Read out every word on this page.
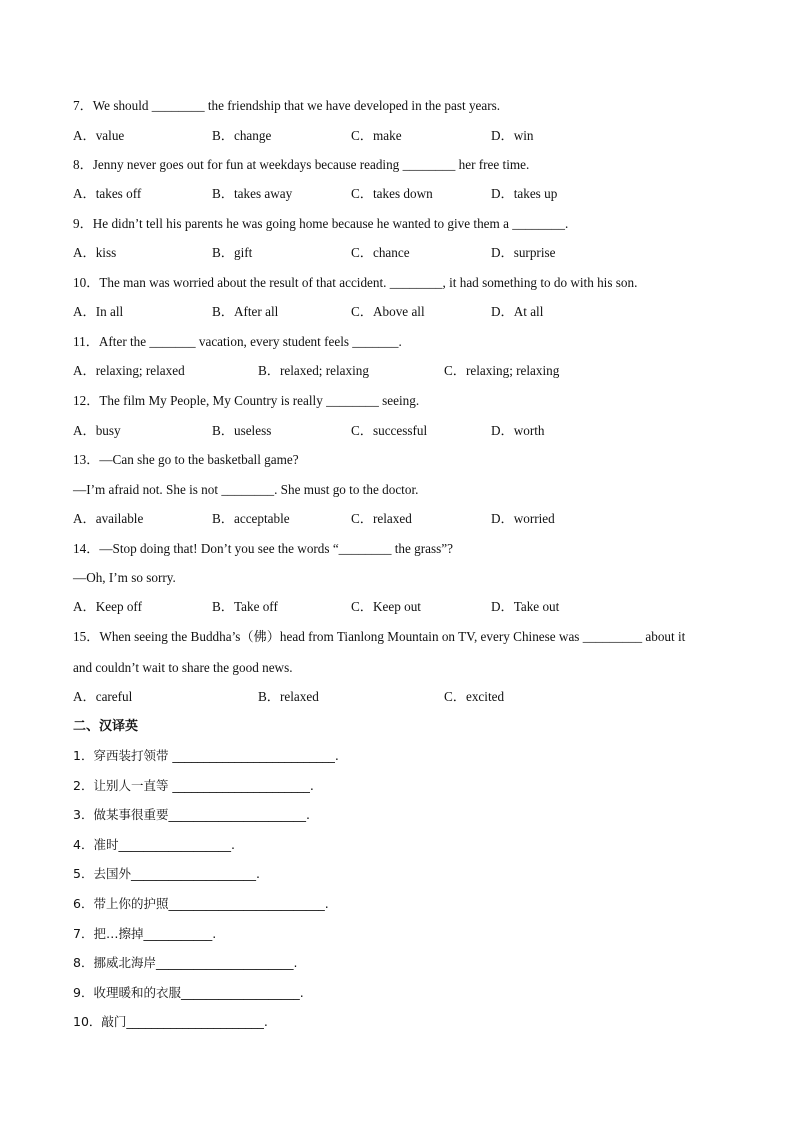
7．We should ________ the friendship that we have developed in the past years.
A．value	B．change	C．make	D．win
8．Jenny never goes out for fun at weekdays because reading ________ her free time.
A．takes off	B．takes away	C．takes down	D．takes up
9．He didn’t tell his parents he was going home because he wanted to give them a ________.
A．kiss	B．gift	C．chance	D．surprise
10．The man was worried about the result of that accident. ________, it had something to do with his son.
A．In all	B．After all	C．Above all	D．At all
11．After the _______ vacation, every student feels _______.
A．relaxing; relaxed	B．relaxed; relaxing	C．relaxing; relaxing
12．The film My People, My Country is really ________ seeing.
A．busy	B．useless	C．successful	D．worth
13．—Can she go to the basketball game?
—I’m afraid not. She is not ________. She must go to the doctor.
A．available	B．acceptable	C．relaxed	D．worried
14．—Stop doing that! Don’t you see the words “________ the grass”?
—Oh, I’m so sorry.
A．Keep off	B．Take off	C．Keep out	D．Take out
15．When seeing the Buddha’s（佛）head from Tianlong Mountain on TV, every Chinese was _________ about it
and couldn’t wait to share the good news.
A．careful	B．relaxed	C．excited
二、汉译英
1．穿西装打领带 __________________________.
2．让别人一直等 ______________________.
3．做某事很重要______________________.
4．准时__________________.
5．去国外____________________.
6．带上你的护照_________________________.
7．把…擦掉___________.
8．挪威北海岸______________________.
9．收理暖和的衣服___________________.
10．敲门______________________.
